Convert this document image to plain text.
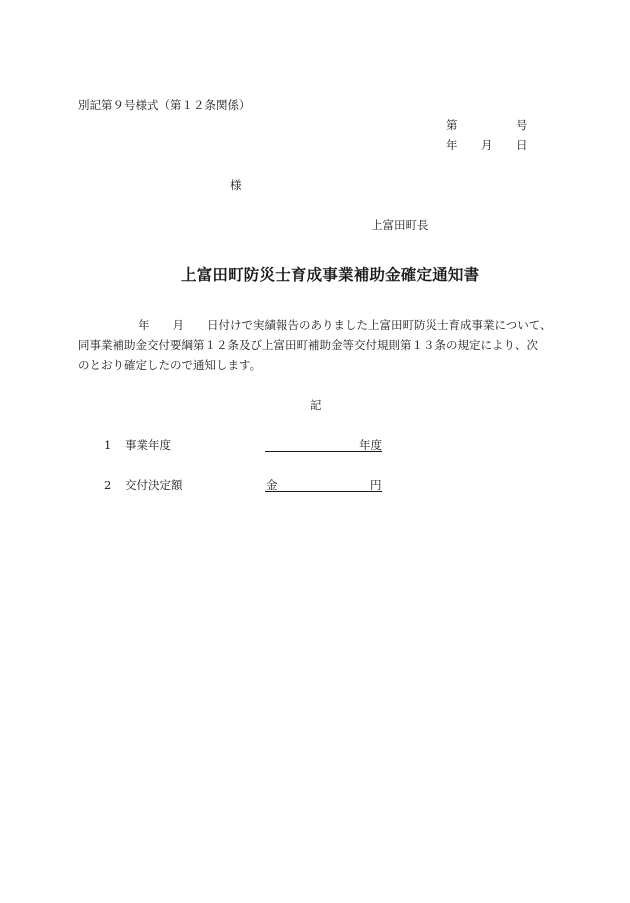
別記第９号様式（第１２条関係）
第	号
年 月 日
様
上富田町長
上富田町防災士育成事業補助金確定通知書
年　　月　　日付けで実績報告のありました上富田町防災士育成事業について、
同事業補助金交付要綱第１２条及び上富田町補助金等交付規則第１３条の規定により、次
のとおり確定したので通知します。
記
1 事業年度	年度
2 交付決定額	金	円
